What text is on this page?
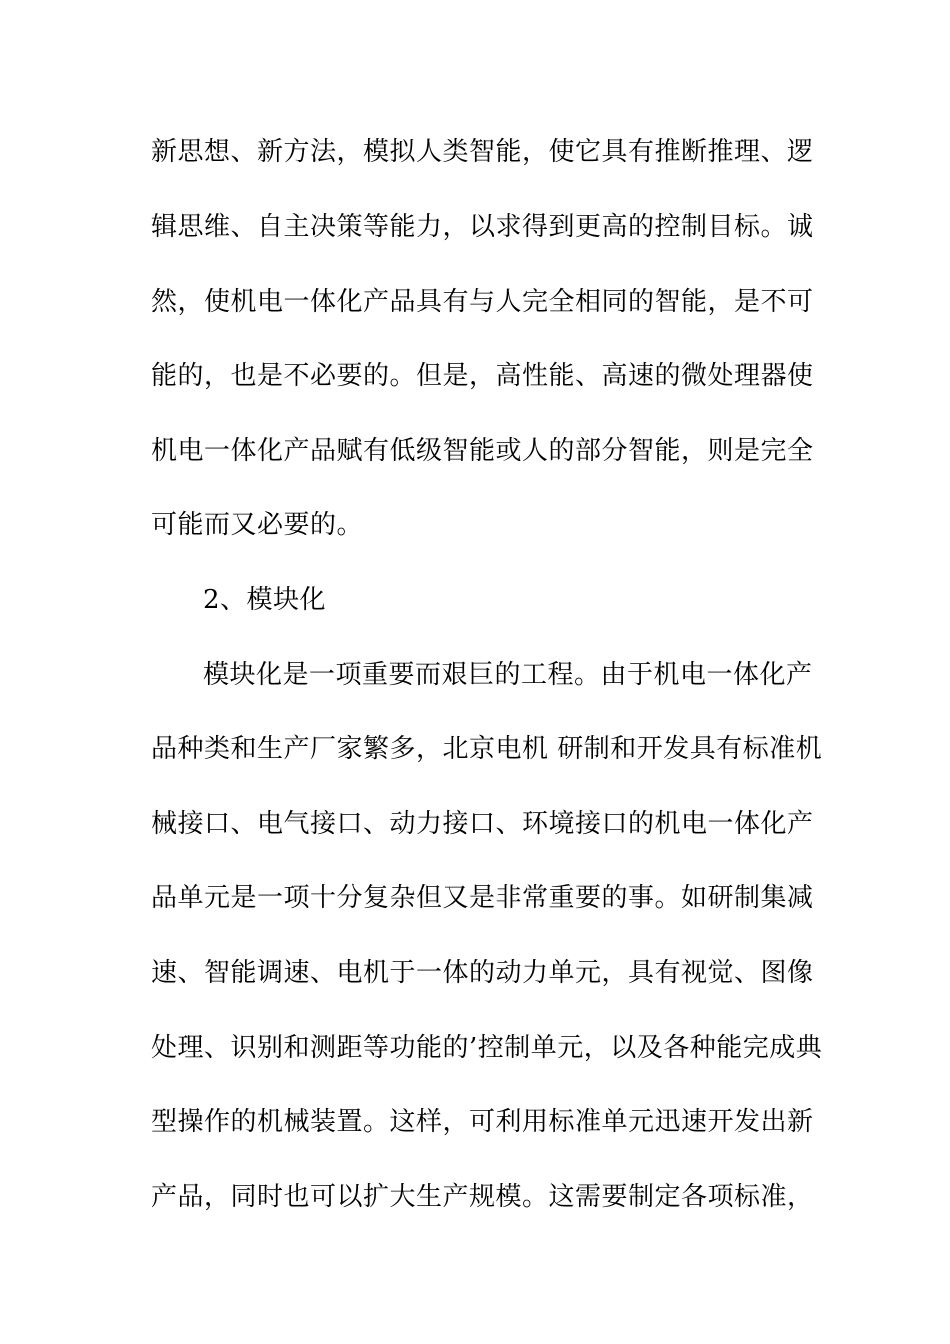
新思想、新方法，模拟人类智能，使它具有推断推理、逻
辑思维、自主决策等能力，以求得到更高的控制目标。诚
然，使机电一体化产品具有与人完全相同的智能，是不可
能的，也是不必要的。但是，高性能、高速的微处理器使
机电一体化产品赋有低级智能或人的部分智能，则是完全
可能而又必要的。
2、模块化
模块化是一项重要而艰巨的工程。由于机电一体化产
品种类和生产厂家繁多，北京电机 研制和开发具有标准机
械接口、电气接口、动力接口、环境接口的机电一体化产
品单元是一项十分复杂但又是非常重要的事。如研制集减
速、智能调速、电机于一体的动力单元，具有视觉、图像
处理、识别和测距等功能的’控制单元，以及各种能完成典
型操作的机械装置。这样，可利用标准单元迅速开发出新
产品，同时也可以扩大生产规模。这需要制定各项标准，
